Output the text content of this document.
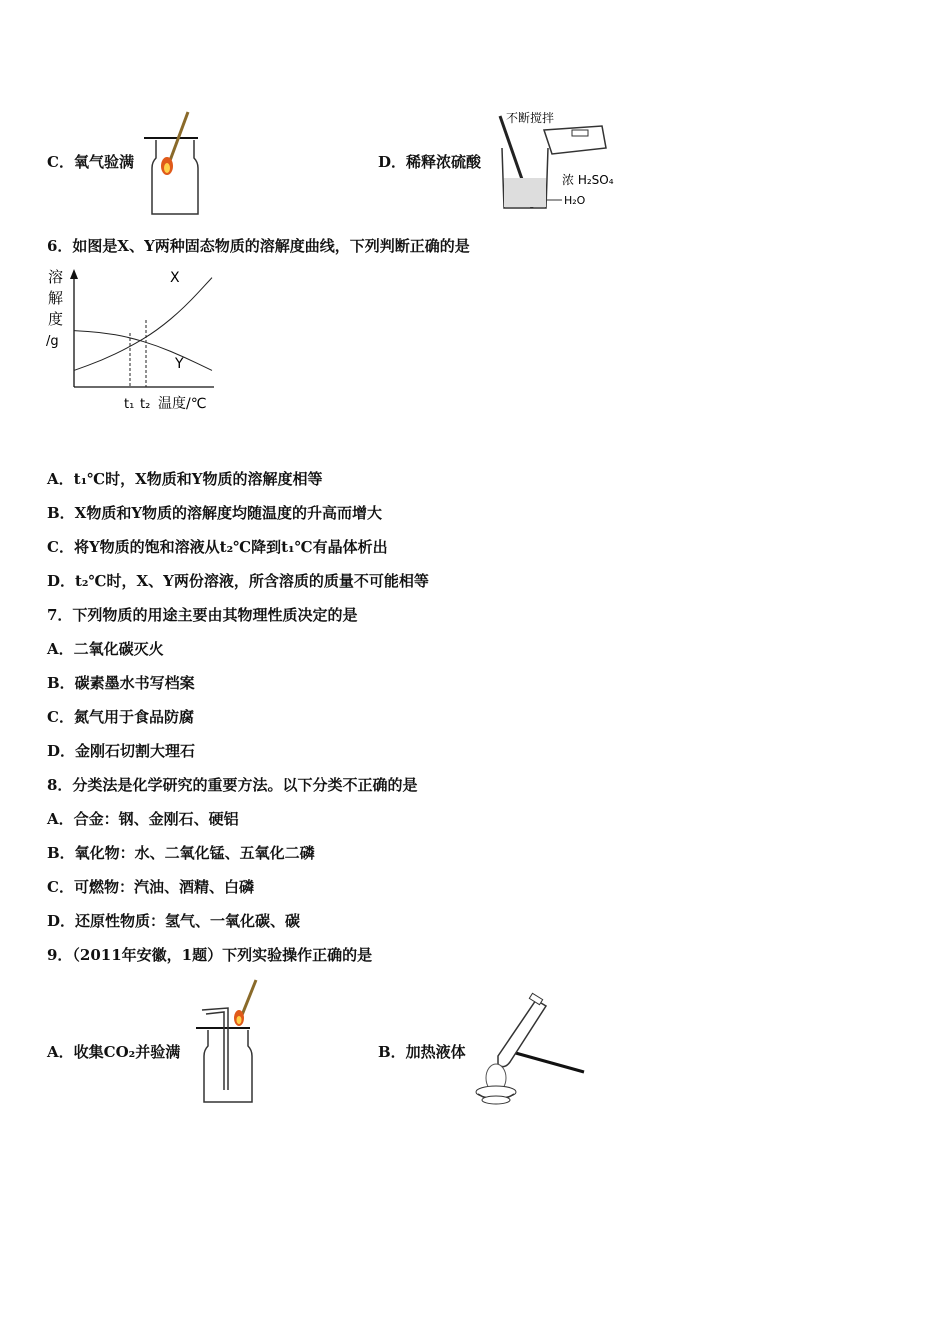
C．氧气验满	D．稀释浓硫酸
不断搅拌
浓 H₂SO₄
H₂O
6．如图是X、Y两种固态物质的溶解度曲线，下列判断正确的是
溶
解
度
/g
X
Y
t₁ t₂ 温度/℃
A．t₁℃时，X物质和Y物质的溶解度相等
B．X物质和Y物质的溶解度均随温度的升高而增大
C．将Y物质的饱和溶液从t₂℃降到t₁℃有晶体析出
D．t₂℃时，X、Y两份溶液，所含溶质的质量不可能相等
7．下列物质的用途主要由其物理性质决定的是
A．二氧化碳灭火
B．碳素墨水书写档案
C．氮气用于食品防腐
D．金刚石切割大理石
8．分类法是化学研究的重要方法。以下分类不正确的是
A．合金：钢、金刚石、硬铝
B．氧化物：水、二氧化锰、五氧化二磷
C．可燃物：汽油、酒精、白磷
D．还原性物质：氢气、一氧化碳、碳
9．（2011年安徽，1题）下列实验操作正确的是
A．收集CO₂并验满	B．加热液体
